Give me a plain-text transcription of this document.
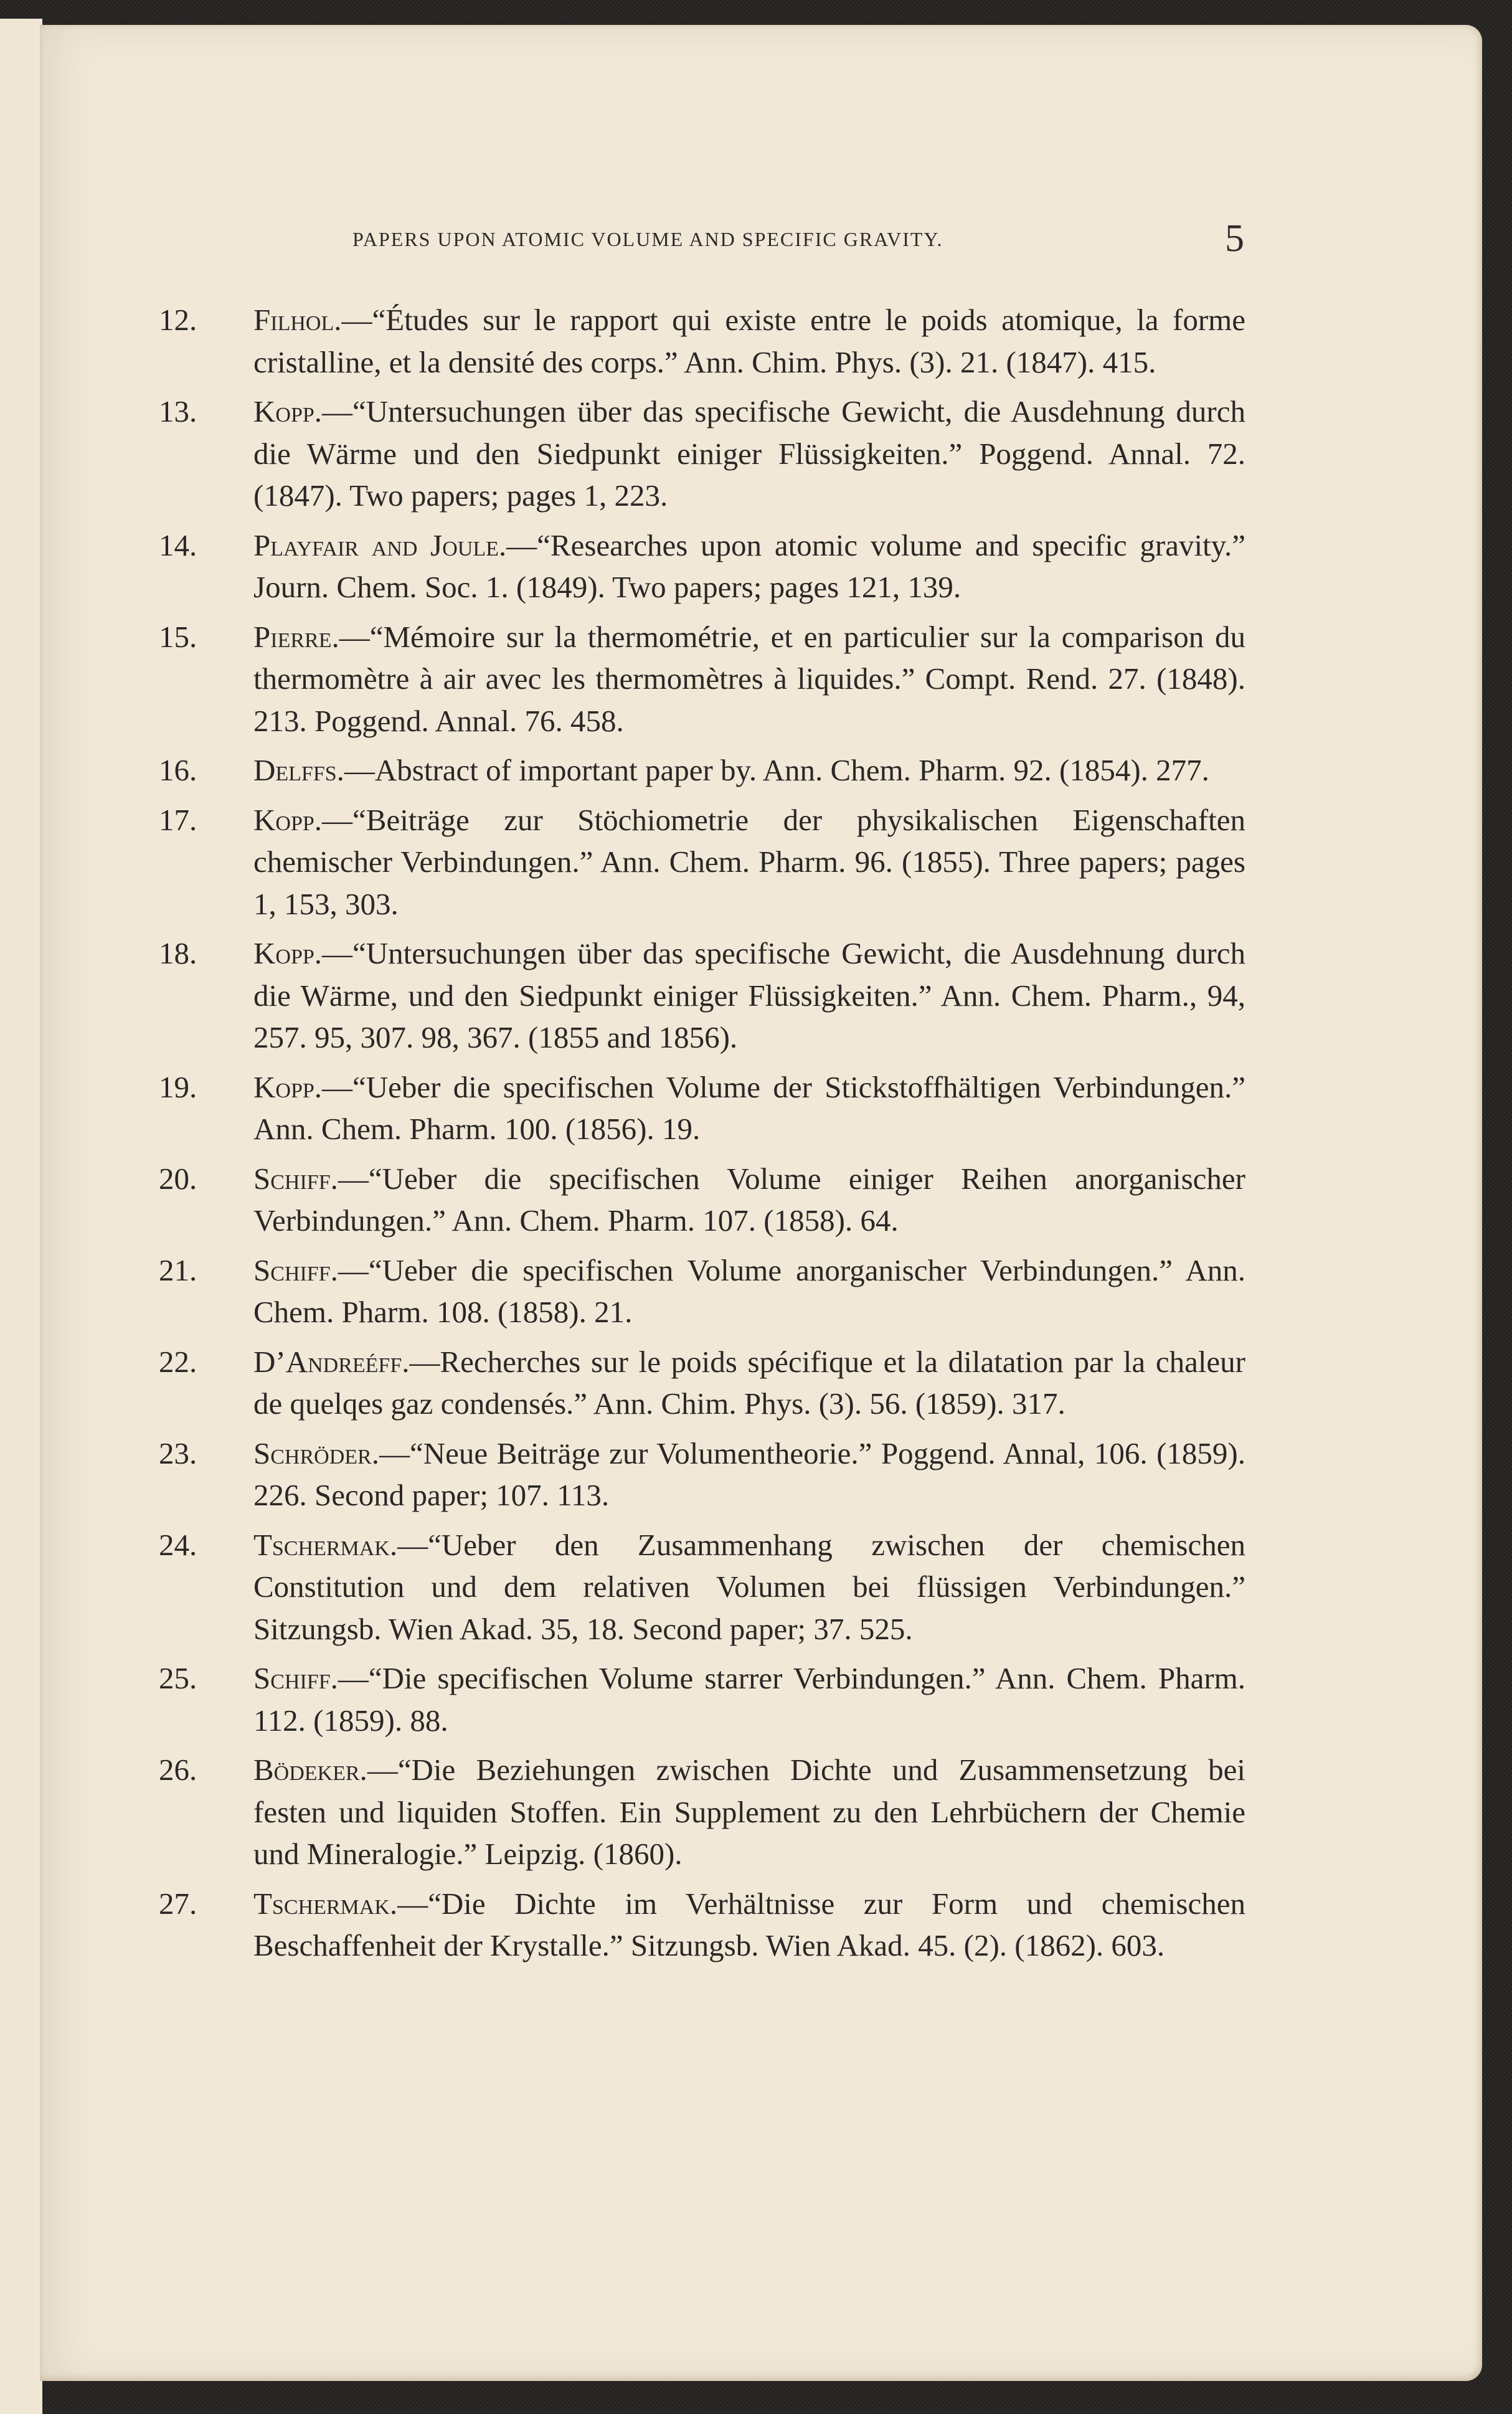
PAPERS UPON ATOMIC VOLUME AND SPECIFIC GRAVITY.	5
12. Filhol.—“Études sur le rapport qui existe entre le poids atomique, la forme cristalline, et la densité des corps.” Ann. Chim. Phys. (3). 21. (1847). 415.
13. Kopp.—“Untersuchungen über das specifische Gewicht, die Ausdehnung durch die Wärme und den Siedpunkt einiger Flüssigkeiten.” Poggend. Annal. 72. (1847). Two papers; pages 1, 223.
14. Playfair and Joule.—“Researches upon atomic volume and specific gravity.” Journ. Chem. Soc. 1. (1849). Two papers; pages 121, 139.
15. Pierre.—“Mémoire sur la thermométrie, et en particulier sur la comparison du thermomètre à air avec les thermomètres à liquides.” Compt. Rend. 27. (1848). 213. Poggend. Annal. 76. 458.
16. Delffs.—Abstract of important paper by. Ann. Chem. Pharm. 92. (1854). 277.
17. Kopp.—“Beiträge zur Stöchiometrie der physikalischen Eigenschaften chemischer Verbindungen.” Ann. Chem. Pharm. 96. (1855). Three papers; pages 1, 153, 303.
18. Kopp.—“Untersuchungen über das specifische Gewicht, die Ausdehnung durch die Wärme, und den Siedpunkt einiger Flüssigkeiten.” Ann. Chem. Pharm., 94, 257. 95, 307. 98, 367. (1855 and 1856).
19. Kopp.—“Ueber die specifischen Volume der Stickstoffhältigen Verbindungen.” Ann. Chem. Pharm. 100. (1856). 19.
20. Schiff.—“Ueber die specifischen Volume einiger Reihen anorganischer Verbindungen.” Ann. Chem. Pharm. 107. (1858). 64.
21. Schiff.—“Ueber die specifischen Volume anorganischer Verbindungen.” Ann. Chem. Pharm. 108. (1858). 21.
22. D’Andreéff.—Recherches sur le poids spécifique et la dilatation par la chaleur de quelqes gaz condensés.” Ann. Chim. Phys. (3). 56. (1859). 317.
23. Schröder.—“Neue Beiträge zur Volumentheorie.” Poggend. Annal, 106. (1859). 226. Second paper; 107. 113.
24. Tschermak.—“Ueber den Zusammenhang zwischen der chemischen Constitution und dem relativen Volumen bei flüssigen Verbindungen.” Sitzungsb. Wien Akad. 35, 18. Second paper; 37. 525.
25. Schiff.—“Die specifischen Volume starrer Verbindungen.” Ann. Chem. Pharm. 112. (1859). 88.
26. Bödeker.—“Die Beziehungen zwischen Dichte und Zusammensetzung bei festen und liquiden Stoffen. Ein Supplement zu den Lehrbüchern der Chemie und Mineralogie.” Leipzig. (1860).
27. Tschermak.—“Die Dichte im Verhältnisse zur Form und chemischen Beschaffenheit der Krystalle.” Sitzungsb. Wien Akad. 45. (2). (1862). 603.
